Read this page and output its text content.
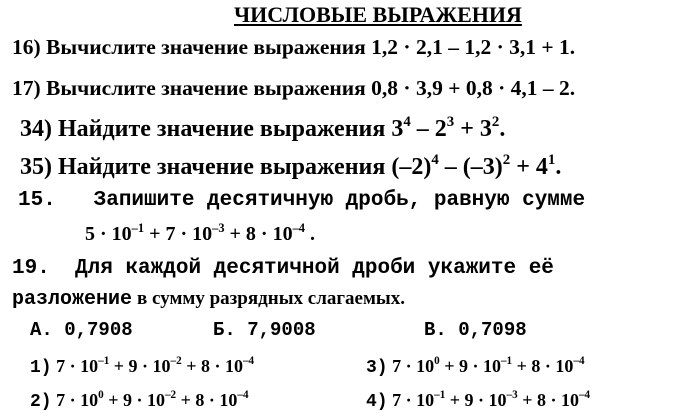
ЧИСЛОВЫЕ ВЫРАЖЕНИЯ
16) Вычислите значение выражения 1,2 · 2,1 – 1,2 · 3,1 + 1.
17) Вычислите значение выражения 0,8 · 3,9 + 0,8 · 4,1 – 2.
34) Найдите значение выражения $3^4 - 2^3 + 3^2$.
35) Найдите значение выражения $(-2)^4 - (-3)^2 + 4^1$.
15. Запишите десятичную дробь, равную сумме
$5 \cdot 10^{-1} + 7 \cdot 10^{-3} + 8 \cdot 10^{-4}$ .
19. Для каждой десятичной дроби укажите её
разложение в сумму разрядных слагаемых.
А. 0,7908	Б. 7,9008	В. 0,7098
1) $7 \cdot 10^{-1} + 9 \cdot 10^{-2} + 8 \cdot 10^{-4}$	3) $7 \cdot 10^0 + 9 \cdot 10^{-1} + 8 \cdot 10^{-4}$
2) $7 \cdot 10^0 + 9 \cdot 10^{-2} + 8 \cdot 10^{-4}$	4) $7 \cdot 10^{-1} + 9 \cdot 10^{-3} + 8 \cdot 10^{-4}$
